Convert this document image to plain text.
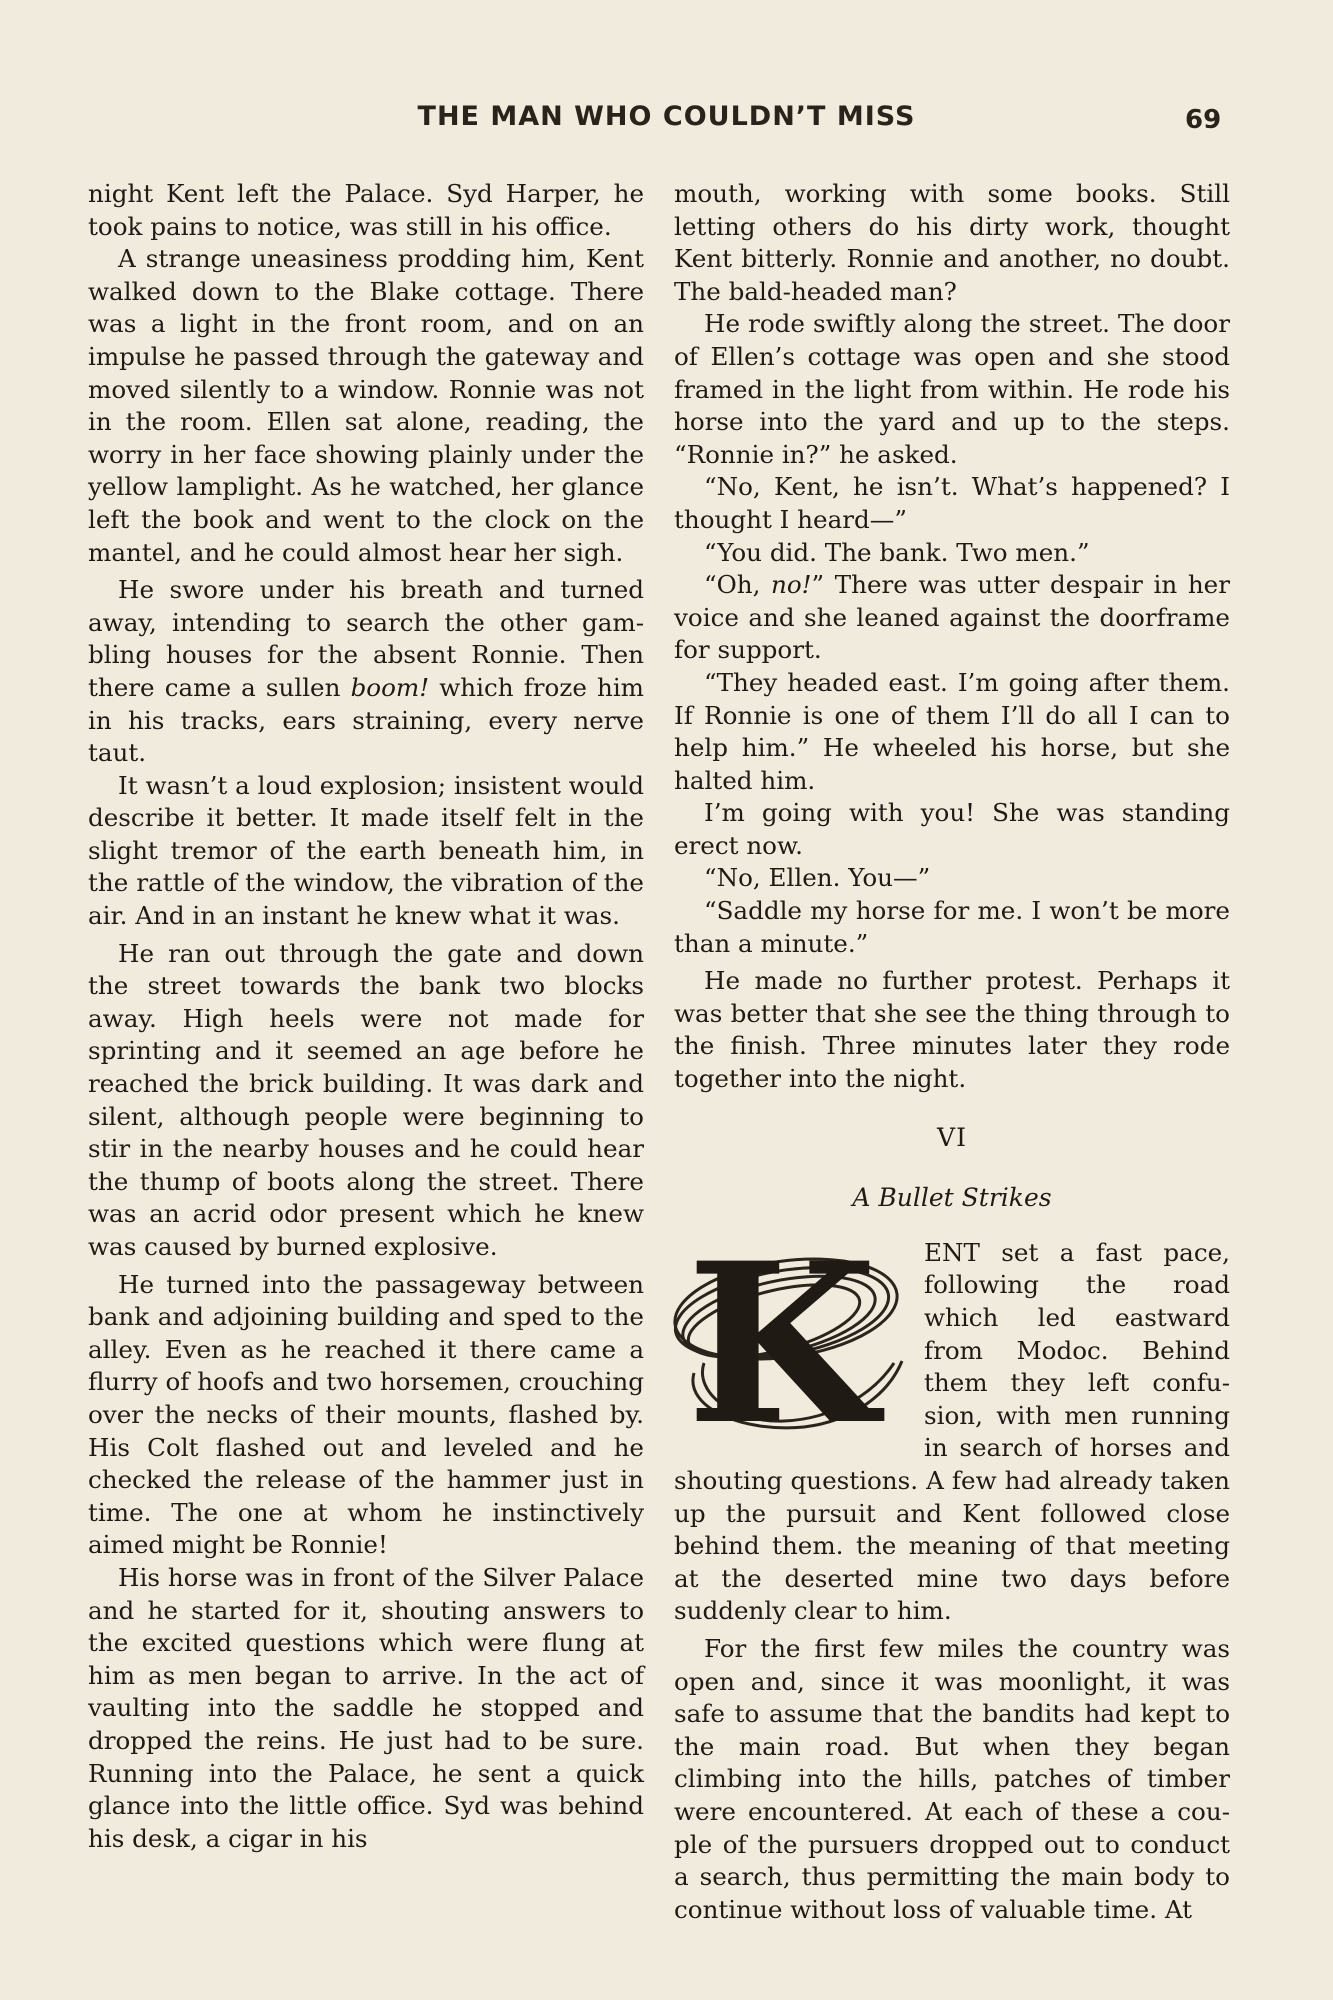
THE MAN WHO COULDN’T MISS	69

night Kent left the Palace. Syd Harper, he took pains to notice, was still in his office.

A strange uneasiness prodding him, Kent walked down to the Blake cottage. There was a light in the front room, and on an impulse he passed through the gateway and moved silently to a window. Ronnie was not in the room. Ellen sat alone, reading, the worry in her face showing plainly under the yellow lamplight. As he watched, her glance left the book and went to the clock on the mantel, and he could almost hear her sigh.

He swore under his breath and turned away, intending to search the other gambling houses for the absent Ronnie. Then there came a sullen boom! which froze him in his tracks, ears straining, every nerve taut.

It wasn’t a loud explosion; insistent would describe it better. It made itself felt in the slight tremor of the earth beneath him, in the rattle of the window, the vibration of the air. And in an instant he knew what it was.

He ran out through the gate and down the street towards the bank two blocks away. High heels were not made for sprinting and it seemed an age before he reached the brick building. It was dark and silent, although people were beginning to stir in the nearby houses and he could hear the thump of boots along the street. There was an acrid odor present which he knew was caused by burned explosive.

He turned into the passageway between bank and adjoining building and sped to the alley. Even as he reached it there came a flurry of hoofs and two horsemen, crouching over the necks of their mounts, flashed by. His Colt flashed out and leveled and he checked the release of the hammer just in time. The one at whom he instinctively aimed might be Ronnie!

His horse was in front of the Silver Palace and he started for it, shouting answers to the excited questions which were flung at him as men began to arrive. In the act of vaulting into the saddle he stopped and dropped the reins. He just had to be sure. Running into the Palace, he sent a quick glance into the little office. Syd was behind his desk, a cigar in his

mouth, working with some books. Still letting others do his dirty work, thought Kent bitterly. Ronnie and another, no doubt. The bald-headed man?

He rode swiftly along the street. The door of Ellen’s cottage was open and she stood framed in the light from within. He rode his horse into the yard and up to the steps. “Ronnie in?” he asked.

“No, Kent, he isn’t. What’s happened? I thought I heard—”

“You did. The bank. Two men.”

“Oh, no!” There was utter despair in her voice and she leaned against the doorframe for support.

“They headed east. I’m going after them. If Ronnie is one of them I’ll do all I can to help him.” He wheeled his horse, but she halted him.

I’m going with you! She was standing erect now.

“No, Ellen. You—”

“Saddle my horse for me. I won’t be more than a minute.”

He made no further protest. Perhaps it was better that she see the thing through to the finish. Three minutes later they rode together into the night.

VI

A Bullet Strikes

K ENT set a fast pace, following the road which led eastward from Modoc. Behind them they left confusion, with men running in search of horses and shouting questions. A few had already taken up the pursuit and Kent followed close behind them. the meaning of that meeting at the deserted mine two days before suddenly clear to him.

For the first few miles the country was open and, since it was moonlight, it was safe to assume that the bandits had kept to the main road. But when they began climbing into the hills, patches of timber were encountered. At each of these a couple of the pursuers dropped out to conduct a search, thus permitting the main body to continue without loss of valuable time. At
